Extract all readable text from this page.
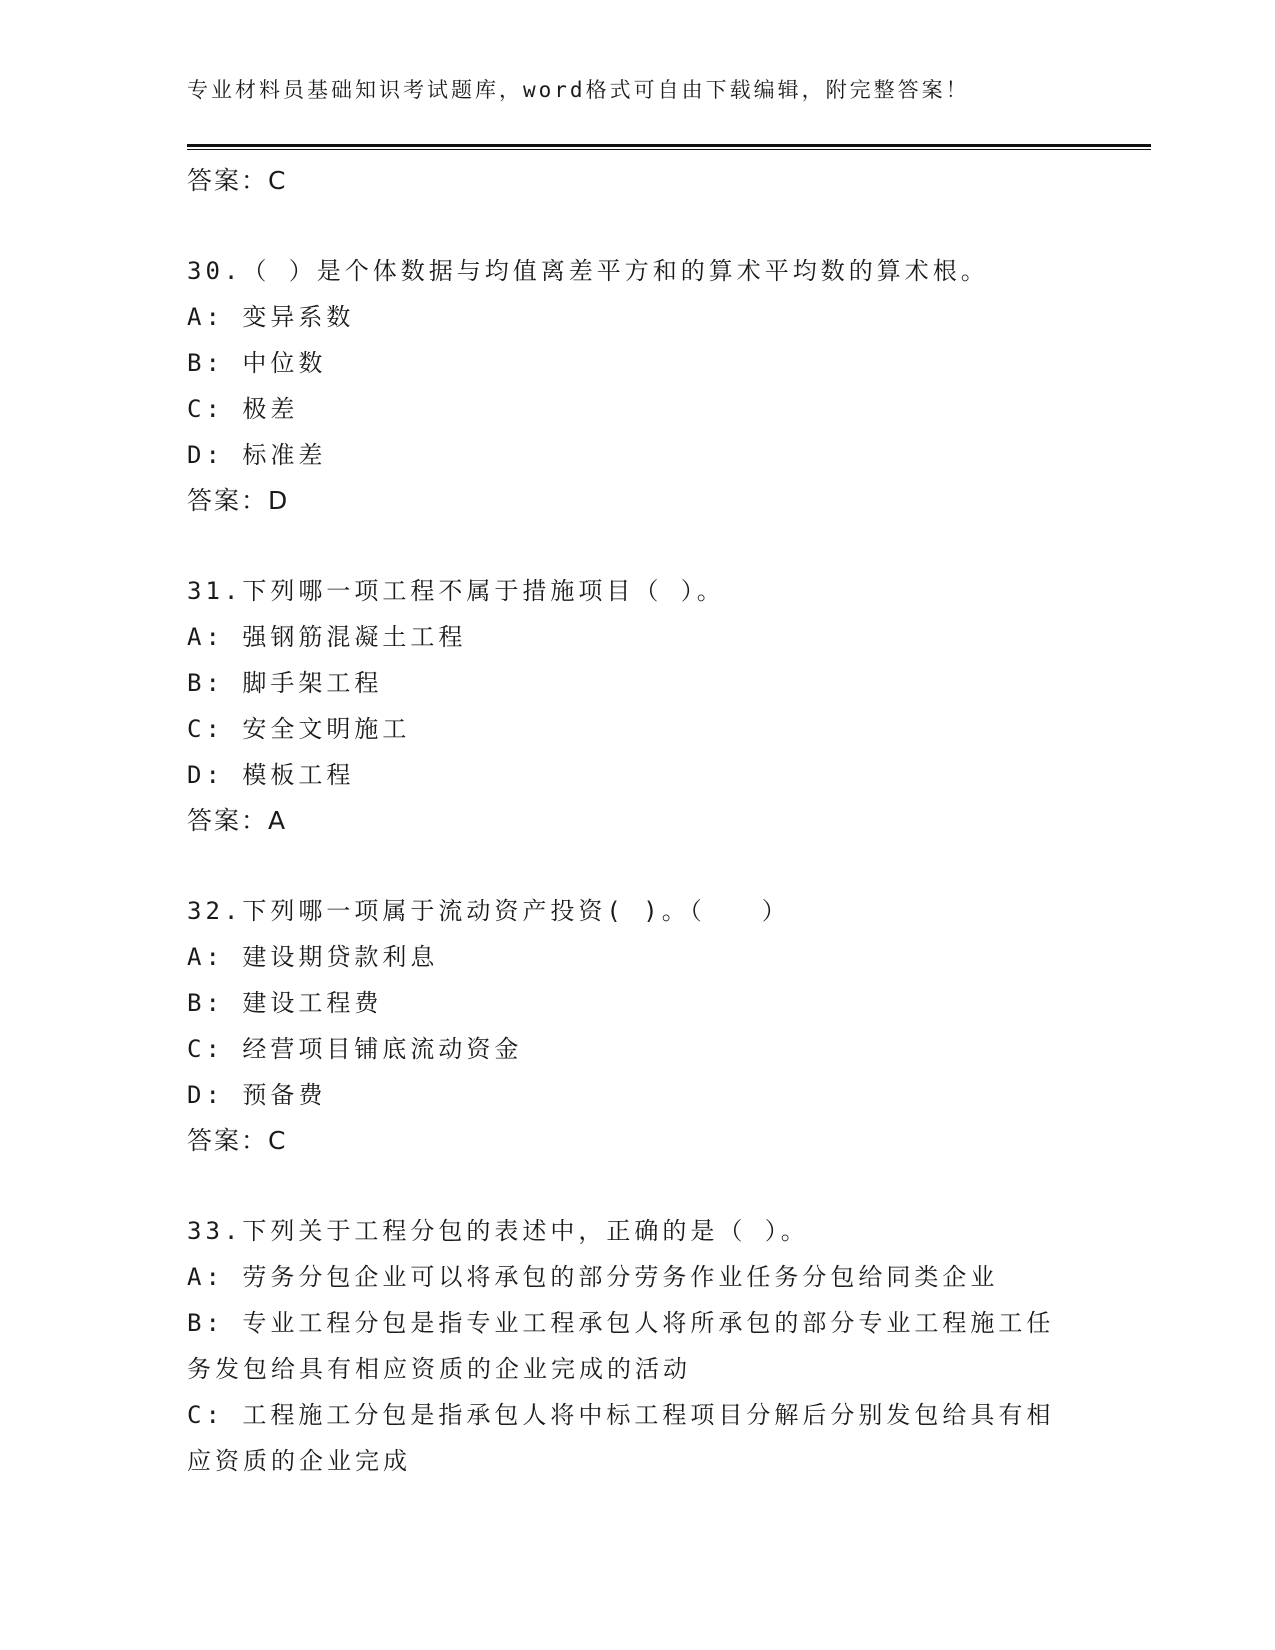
专业材料员基础知识考试题库，word格式可自由下载编辑，附完整答案！
答案：C
30.（ ）是个体数据与均值离差平方和的算术平均数的算术根。
A: 变异系数
B: 中位数
C: 极差
D: 标准差
答案：D
31.下列哪一项工程不属于措施项目（ ）。
A: 强钢筋混凝土工程
B: 脚手架工程
C: 安全文明施工
D: 模板工程
答案：A
32.下列哪一项属于流动资产投资( )。（　　）
A: 建设期贷款利息
B: 建设工程费
C: 经营项目铺底流动资金
D: 预备费
答案：C
33.下列关于工程分包的表述中，正确的是（ ）。
A: 劳务分包企业可以将承包的部分劳务作业任务分包给同类企业
B: 专业工程分包是指专业工程承包人将所承包的部分专业工程施工任务发包给具有相应资质的企业完成的活动
C: 工程施工分包是指承包人将中标工程项目分解后分别发包给具有相应资质的企业完成
